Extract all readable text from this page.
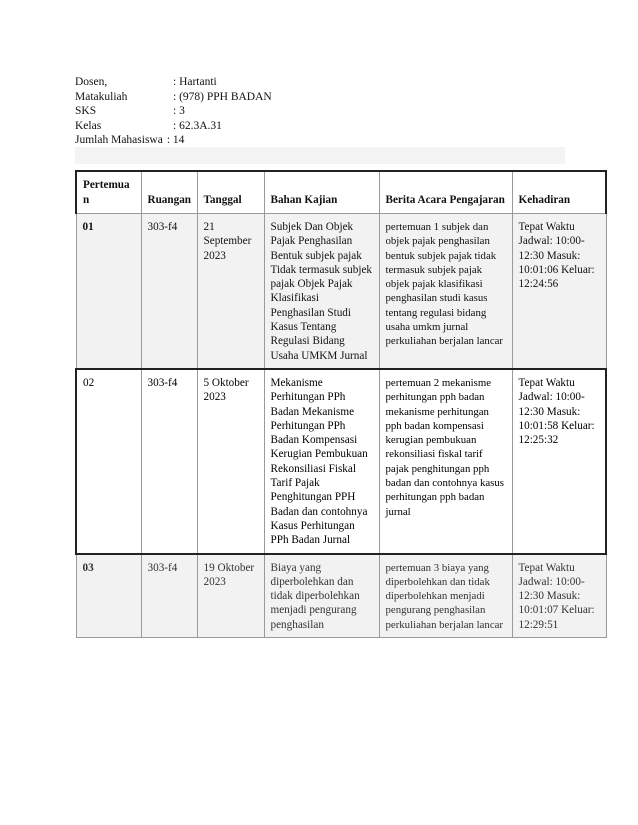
Dosen,	: Hartanti
Matakuliah	: (978) PPH BADAN
SKS	: 3
Kelas	: 62.3A.31
Jumlah Mahasiswa : 14
Pertemuan	Ruangan	Tanggal	Bahan Kajian	Berita Acara Pengajaran	Kehadiran
01	303-f4	21 September 2023	Subjek Dan Objek Pajak Penghasilan Bentuk subjek pajak Tidak termasuk subjek pajak Objek Pajak Klasifikasi Penghasilan Studi Kasus Tentang Regulasi Bidang Usaha UMKM Jurnal	pertemuan 1 subjek dan objek pajak penghasilan bentuk subjek pajak tidak termasuk subjek pajak objek pajak klasifikasi penghasilan studi kasus tentang regulasi bidang usaha umkm jurnal perkuliahan berjalan lancar	Tepat Waktu Jadwal: 10:00-12:30 Masuk: 10:01:06 Keluar: 12:24:56
02	303-f4	5 Oktober 2023	Mekanisme Perhitungan PPh Badan Mekanisme Perhitungan PPh Badan Kompensasi Kerugian Pembukuan Rekonsiliasi Fiskal Tarif Pajak Penghitungan PPH Badan dan contohnya Kasus Perhitungan PPh Badan Jurnal	pertemuan 2 mekanisme perhitungan pph badan mekanisme perhitungan pph badan kompensasi kerugian pembukuan rekonsiliasi fiskal tarif pajak penghitungan pph badan dan contohnya kasus perhitungan pph badan jurnal	Tepat Waktu Jadwal: 10:00-12:30 Masuk: 10:01:58 Keluar: 12:25:32
03	303-f4	19 Oktober 2023	Biaya yang diperbolehkan dan tidak diperbolehkan menjadi pengurang penghasilan	pertemuan 3 biaya yang diperbolehkan dan tidak diperbolehkan menjadi pengurang penghasilan perkuliahan berjalan lancar	Tepat Waktu Jadwal: 10:00-12:30 Masuk: 10:01:07 Keluar: 12:29:51
